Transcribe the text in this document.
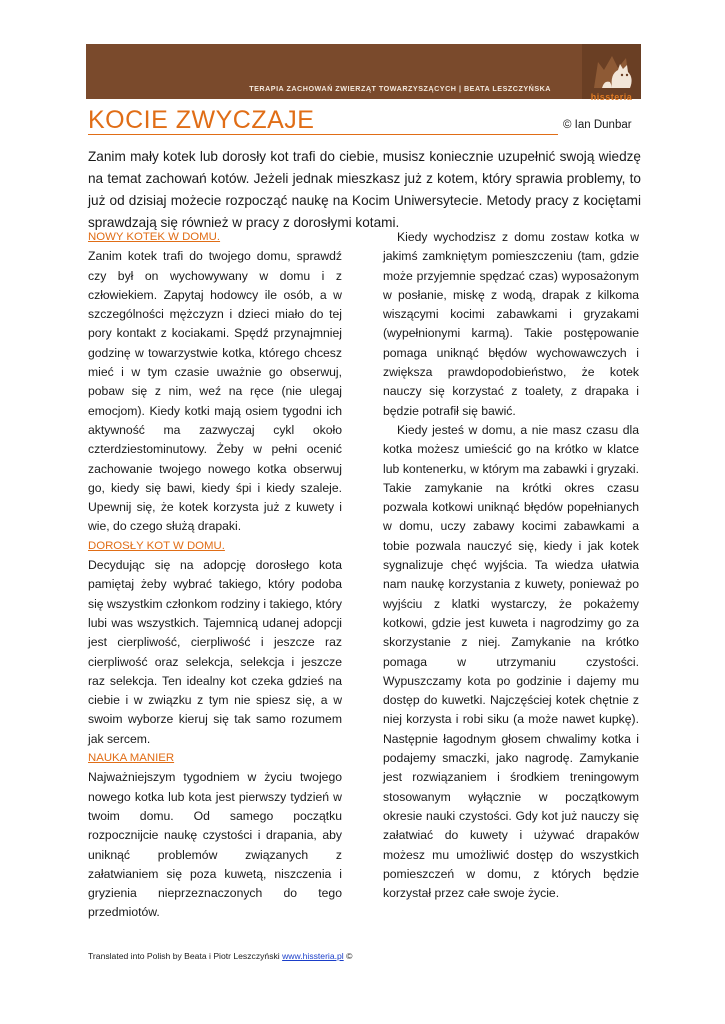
TERAPIA ZACHOWAŃ ZWIERZĄT TOWARZYSZĄCYCH | BEATA LESZCZYŃSKA
hissteria
KOCIE ZWYCZAJE	© Ian Dunbar
Zanim mały kotek lub dorosły kot trafi do ciebie, musisz koniecznie uzupełnić swoją wiedzę na temat zachowań kotów. Jeżeli jednak mieszkasz już z kotem, który sprawia problemy, to już od dzisiaj możecie rozpocząć naukę na Kocim Uniwersytecie. Metody pracy z kociętami sprawdzają się również w pracy z dorosłymi kotami.
NOWY KOTEK W DOMU.

Zanim kotek trafi do twojego domu, sprawdź czy był on wychowywany w domu i z człowiekiem. Zapytaj hodowcy ile osób, a w szczególności mężczyzn i dzieci miało do tej pory kontakt z kociakami. Spędź przynajmniej godzinę w towarzystwie kotka, którego chcesz mieć i w tym czasie uważnie go obserwuj, pobaw się z nim, weź na ręce (nie ulegaj emocjom). Kiedy kotki mają osiem tygodni ich aktywność ma zazwyczaj cykl około czterdziestominutowy. Żeby w pełni ocenić zachowanie twojego nowego kotka obserwuj go, kiedy się bawi, kiedy śpi i kiedy szaleje. Upewnij się, że kotek korzysta już z kuwety i wie, do czego służą drapaki.

DOROSŁY KOT W DOMU.

Decydując się na adopcję dorosłego kota pamiętaj żeby wybrać takiego, który podoba się wszystkim członkom rodziny i takiego, który lubi was wszystkich. Tajemnicą udanej adopcji jest cierpliwość, cierpliwość i jeszcze raz cierpliwość oraz selekcja, selekcja i jeszcze raz selekcja. Ten idealny kot czeka gdzieś na ciebie i w związku z tym nie spiesz się, a w swoim wyborze kieruj się tak samo rozumem jak sercem.

NAUKA MANIER

Najważniejszym tygodniem w życiu twojego nowego kotka lub kota jest pierwszy tydzień w twoim domu. Od samego początku rozpocznijcie naukę czystości i drapania, aby uniknąć problemów związanych z załatwianiem się poza kuwetą, niszczenia i gryzienia nieprzeznaczonych do tego przedmiotów.

Kiedy wychodzisz z domu zostaw kotka w jakimś zamkniętym pomieszczeniu (tam, gdzie może przyjemnie spędzać czas) wyposażonym w posłanie, miskę z wodą, drapak z kilkoma wiszącymi kocimi zabawkami i gryzakami (wypełnionymi karmą). Takie postępowanie pomaga uniknąć błędów wychowawczych i zwiększa prawdopodobieństwo, że kotek nauczy się korzystać z toalety, z drapaka i będzie potrafił się bawić.

Kiedy jesteś w domu, a nie masz czasu dla kotka możesz umieścić go na krótko w klatce lub kontenerku, w którym ma zabawki i gryzaki. Takie zamykanie na krótki okres czasu pozwala kotkowi uniknąć błędów popełnianych w domu, uczy zabawy kocimi zabawkami a tobie pozwala nauczyć się, kiedy i jak kotek sygnalizuje chęć wyjścia. Ta wiedza ułatwia nam naukę korzystania z kuwety, ponieważ po wyjściu z klatki wystarczy, że pokażemy kotkowi, gdzie jest kuweta i nagrodzimy go za skorzystanie z niej. Zamykanie na krótko pomaga w utrzymaniu czystości. Wypuszczamy kota po godzinie i dajemy mu dostęp do kuwetki. Najczęściej kotek chętnie z niej korzysta i robi siku (a może nawet kupkę). Następnie łagodnym głosem chwalimy kotka i podajemy smaczki, jako nagrodę. Zamykanie jest rozwiązaniem i środkiem treningowym stosowanym wyłącznie w początkowym okresie nauki czystości. Gdy kot już nauczy się załatwiać do kuwety i używać drapaków możesz mu umożliwić dostęp do wszystkich pomieszczeń w domu, z których będzie korzystał przez całe swoje życie.

Translated into Polish by Beata i Piotr Leszczyński www.hissteria.pl ©
